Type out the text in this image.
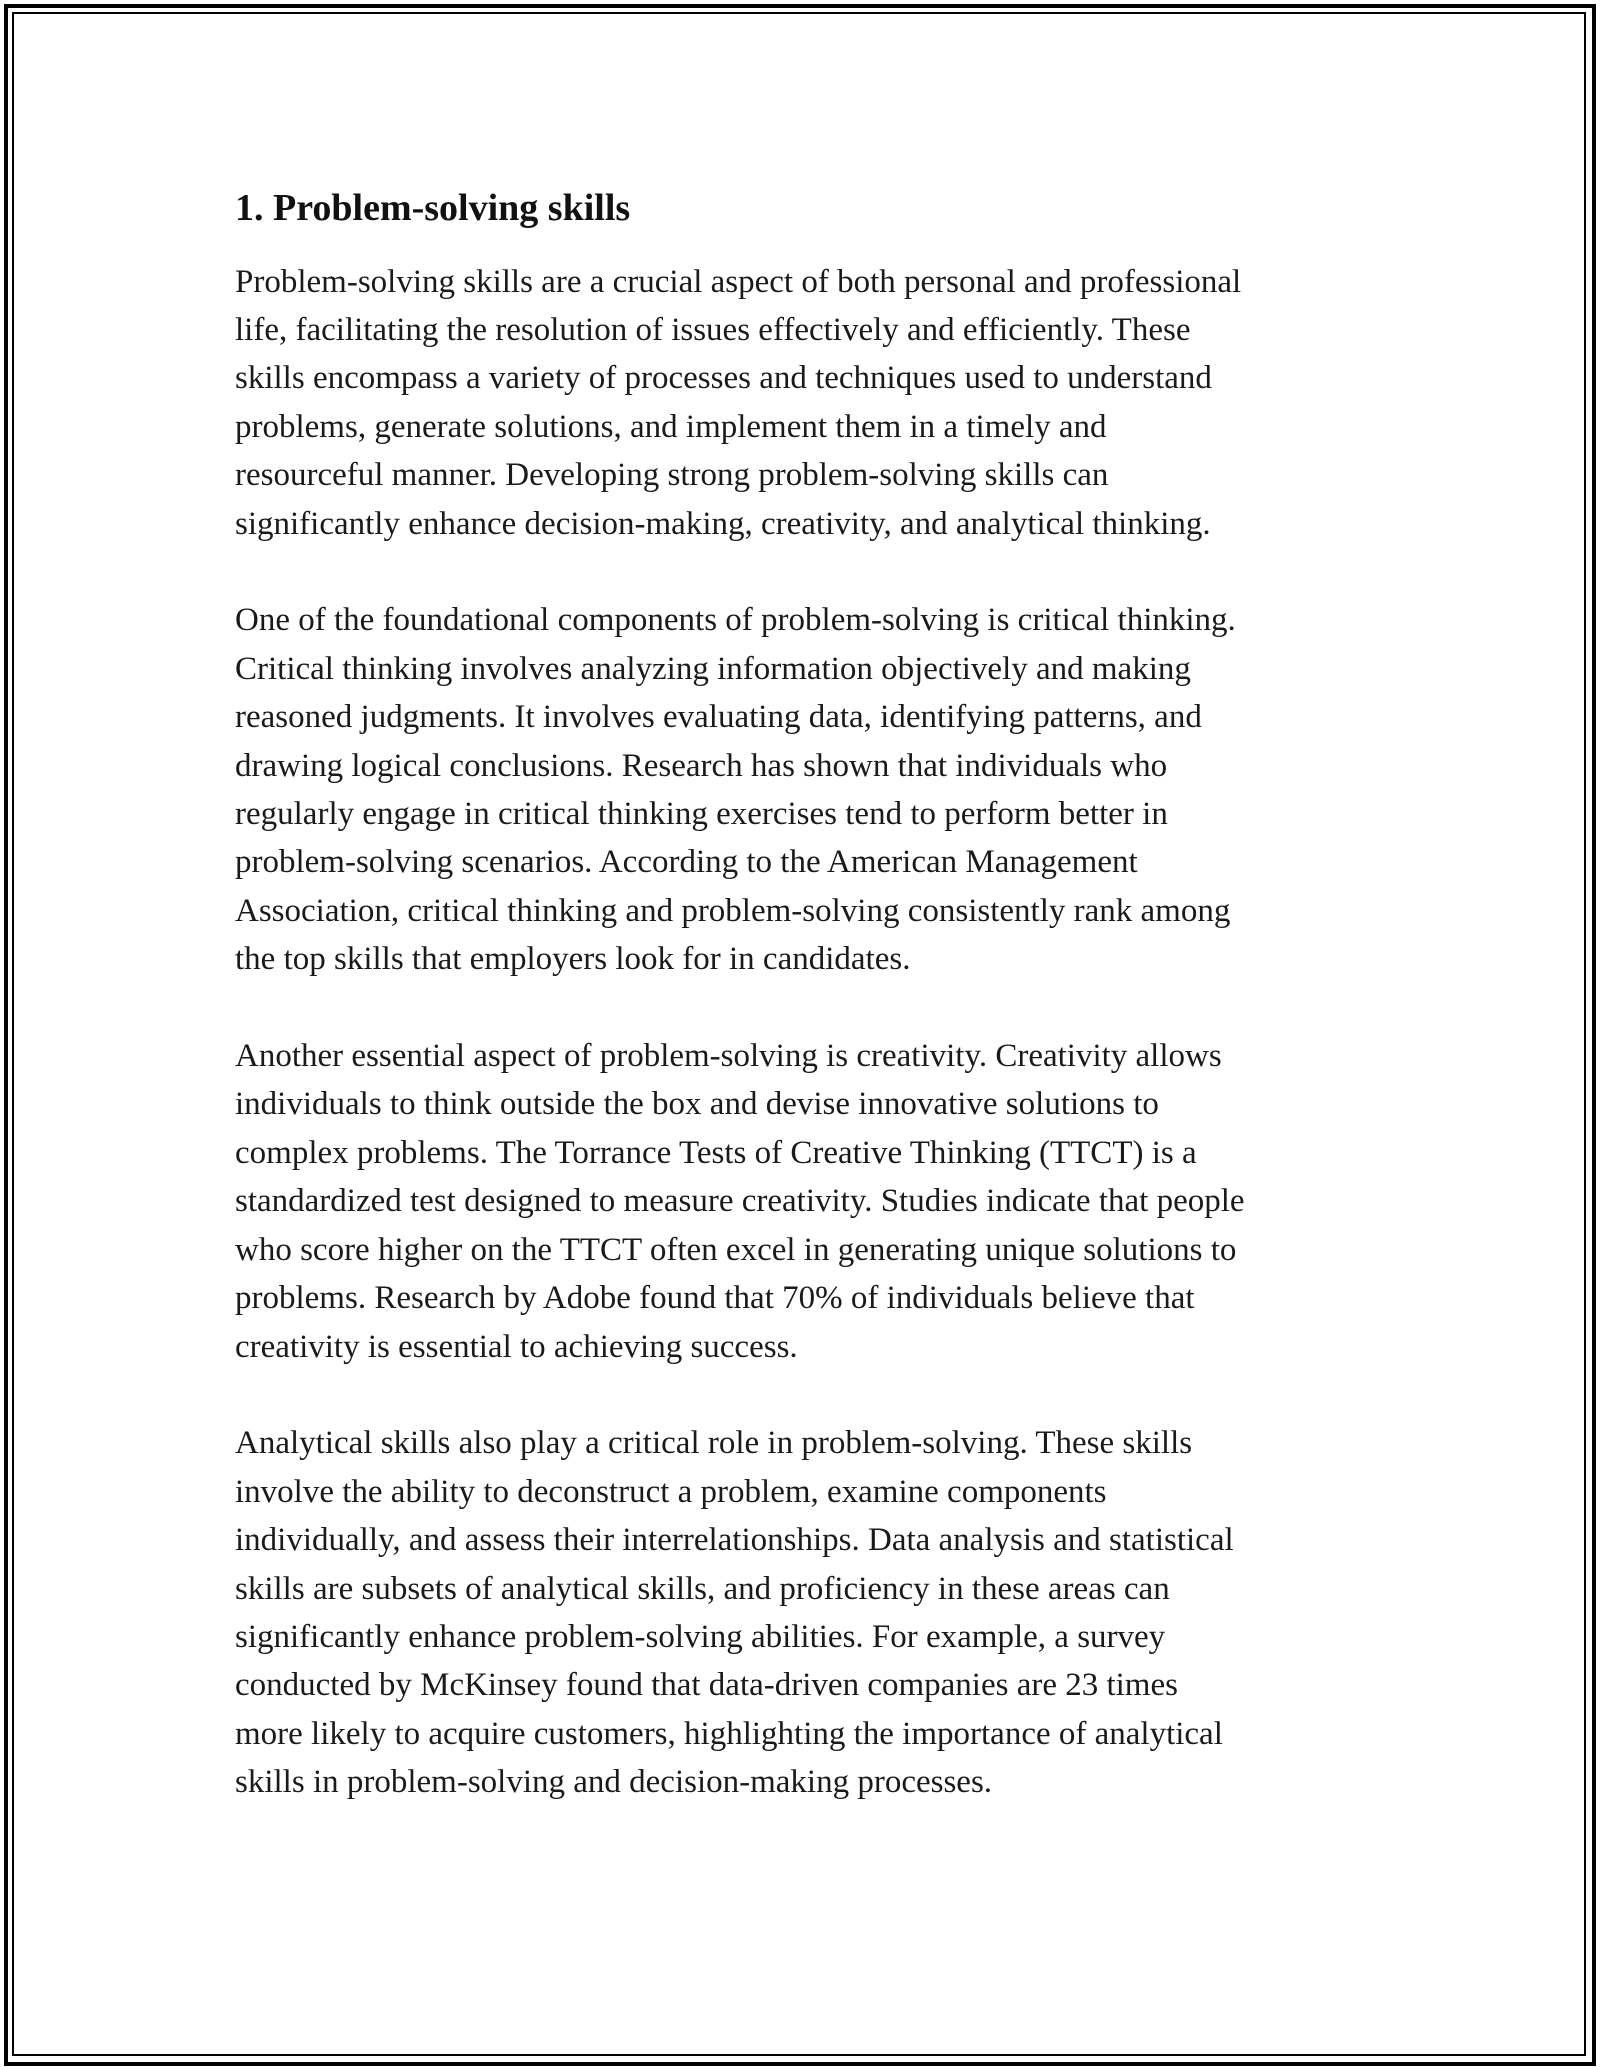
1. Problem-solving skills

Problem-solving skills are a crucial aspect of both personal and professional
life, facilitating the resolution of issues effectively and efficiently. These
skills encompass a variety of processes and techniques used to understand
problems, generate solutions, and implement them in a timely and
resourceful manner. Developing strong problem-solving skills can
significantly enhance decision-making, creativity, and analytical thinking.

One of the foundational components of problem-solving is critical thinking.
Critical thinking involves analyzing information objectively and making
reasoned judgments. It involves evaluating data, identifying patterns, and
drawing logical conclusions. Research has shown that individuals who
regularly engage in critical thinking exercises tend to perform better in
problem-solving scenarios. According to the American Management
Association, critical thinking and problem-solving consistently rank among
the top skills that employers look for in candidates.

Another essential aspect of problem-solving is creativity. Creativity allows
individuals to think outside the box and devise innovative solutions to
complex problems. The Torrance Tests of Creative Thinking (TTCT) is a
standardized test designed to measure creativity. Studies indicate that people
who score higher on the TTCT often excel in generating unique solutions to
problems. Research by Adobe found that 70% of individuals believe that
creativity is essential to achieving success.

Analytical skills also play a critical role in problem-solving. These skills
involve the ability to deconstruct a problem, examine components
individually, and assess their interrelationships. Data analysis and statistical
skills are subsets of analytical skills, and proficiency in these areas can
significantly enhance problem-solving abilities. For example, a survey
conducted by McKinsey found that data-driven companies are 23 times
more likely to acquire customers, highlighting the importance of analytical
skills in problem-solving and decision-making processes.
